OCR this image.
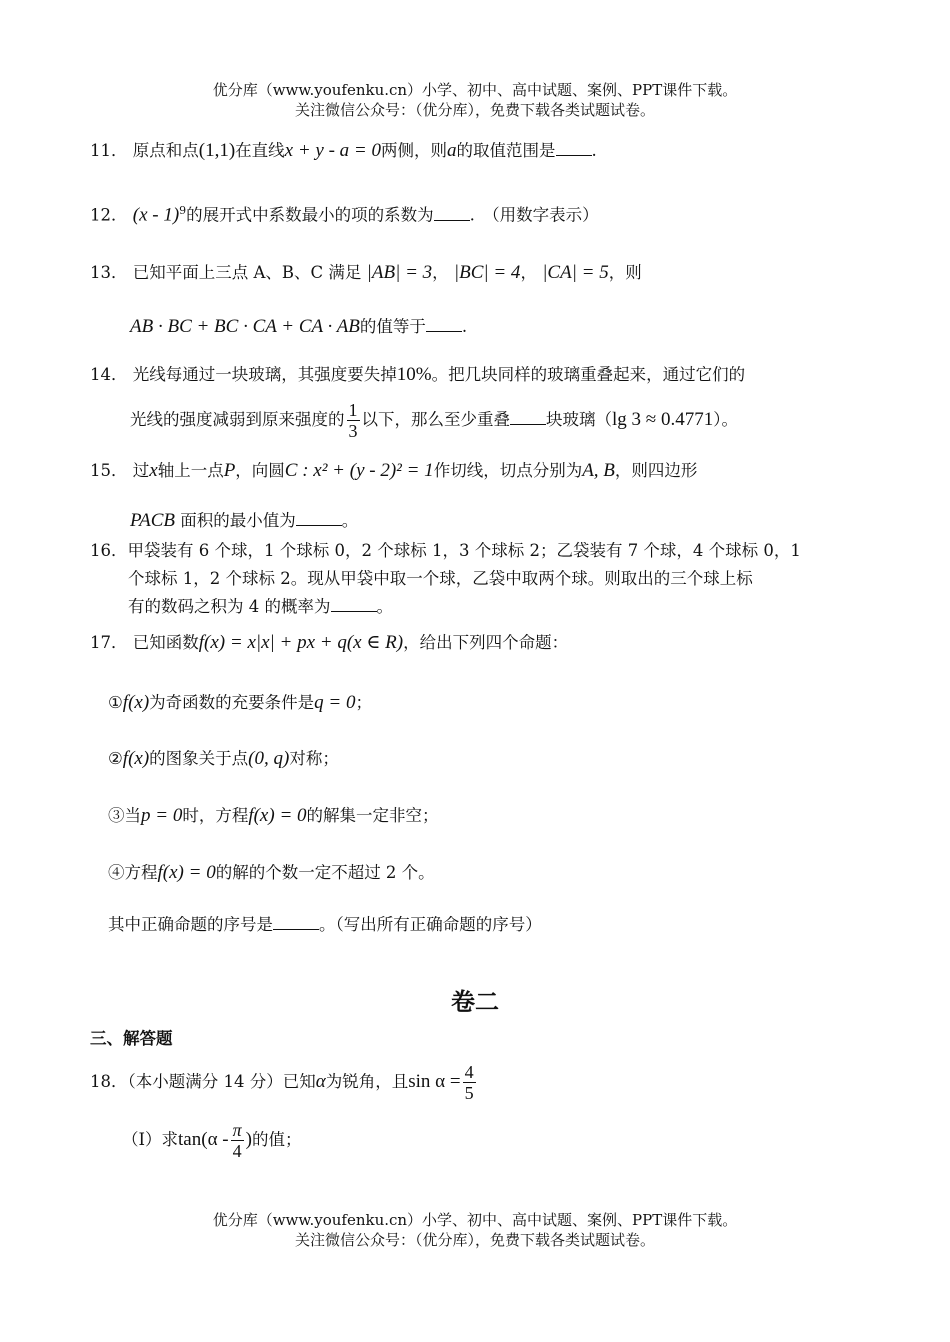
优分库（www.youfenku.cn）小学、初中、高中试题、案例、PPT课件下载。
关注微信公众号：（优分库），免费下载各类试题试卷。
11． 原点和点(1,1)在直线x + y - a = 0两侧，则a的取值范围是 .
12． (x - 1)$^9$的展开式中系数最小的项的系数为 .　（用数字表示）
13． 已知平面上三点 A、B、C 满足 |AB| = 3， |BC| = 4， |CA| = 5，则
AB · BC + BC · CA + CA · AB的值等于 .
14． 光线每通过一块玻璃，其强度要失掉10%。把几块同样的玻璃重叠起来，通过它们的
光线的强度减弱到原来强度的 $\frac{1}{3}$ 以下，那么至少重叠 块玻璃（lg 3 ≈ 0.4771）。
15． 过x轴上一点P，向圆C : x² + (y - 2)² = 1作切线，切点分别为A, B，则四边形
PACB 面积的最小值为	。
16．甲袋装有 6 个球，1 个球标 0，2 个球标 1，3 个球标 2；乙袋装有 7 个球，4 个球标 0，1
个球标 1，2 个球标 2。现从甲袋中取一个球，乙袋中取两个球。则取出的三个球上标
有的数码之积为 4 的概率为	。
17． 已知函数f(x) = x|x| + px + q(x ∈ R)，给出下列四个命题：
①f(x)为奇函数的充要条件是q = 0；
②f(x)的图象关于点(0, q)对称；
③当p = 0时，方程f(x) = 0的解集一定非空；
④方程f(x) = 0的解的个数一定不超过 2 个。
其中正确命题的序号是	。（写出所有正确命题的序号）
卷二
三、解答题
18．（本小题满分 14 分）已知α为锐角，且$\sin \alpha = \frac{4}{5}$
（I）求$\tan(\alpha - \frac{\pi}{4}$ )的值；
优分库（www.youfenku.cn）小学、初中、高中试题、案例、PPT课件下载。
关注微信公众号：（优分库），免费下载各类试题试卷。
